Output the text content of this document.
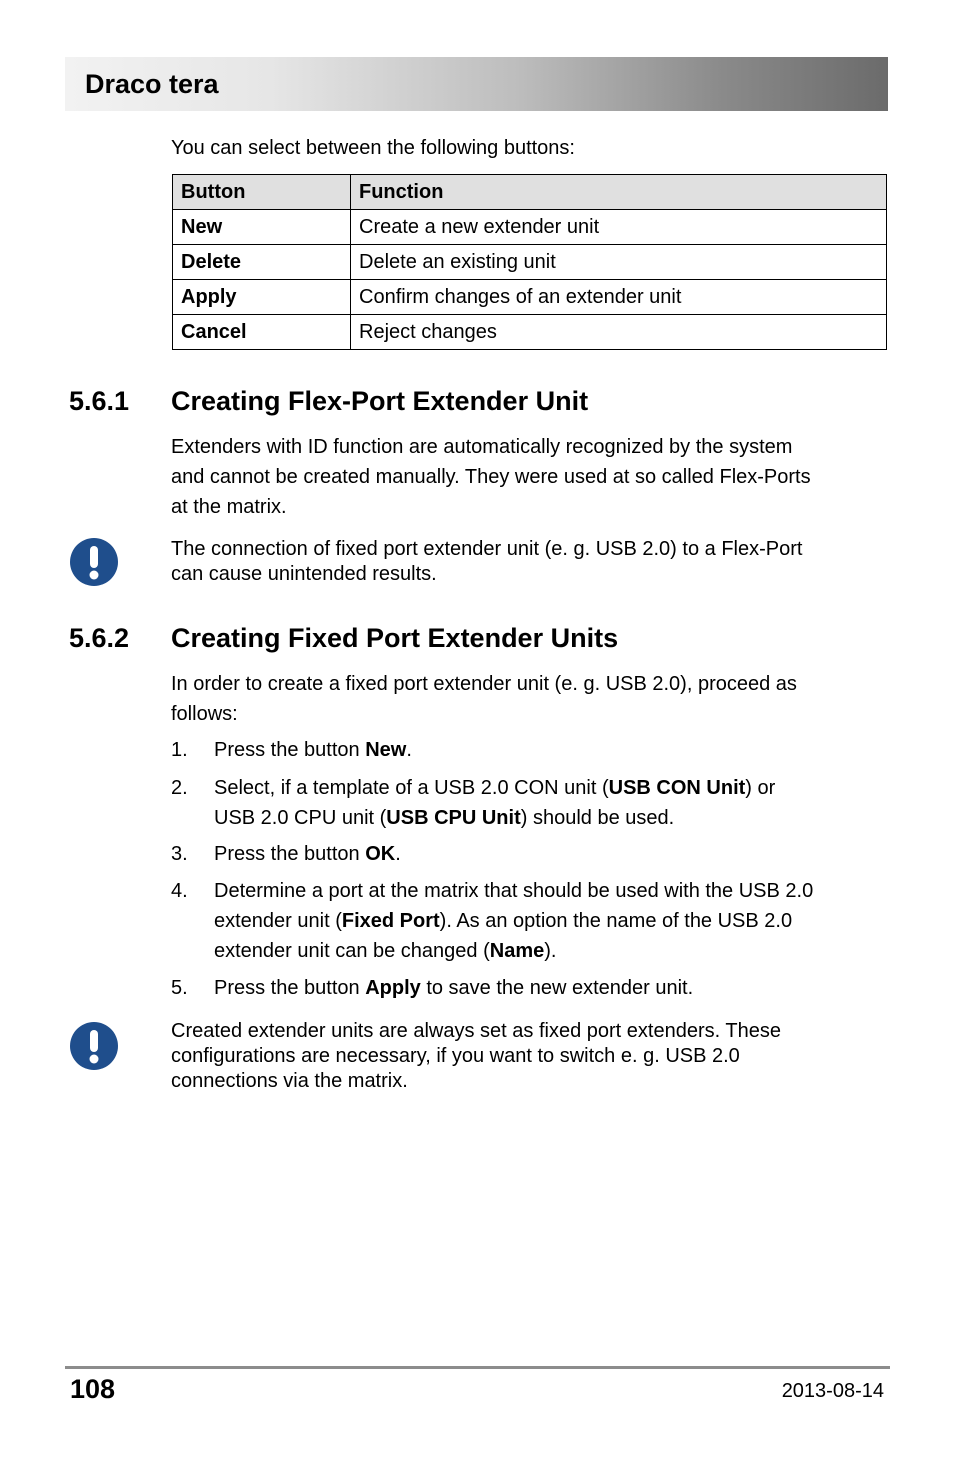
Draco tera
You can select between the following buttons:
Button	Function
New	Create a new extender unit
Delete	Delete an existing unit
Apply	Confirm changes of an extender unit
Cancel	Reject changes
5.6.1 Creating Flex-Port Extender Unit
Extenders with ID function are automatically recognized by the system
and cannot be created manually. They were used at so called Flex-Ports
at the matrix.
The connection of fixed port extender unit (e. g. USB 2.0) to a Flex-Port
can cause unintended results.
5.6.2 Creating Fixed Port Extender Units
In order to create a fixed port extender unit (e. g. USB 2.0), proceed as
follows:
1. Press the button New.
2. Select, if a template of a USB 2.0 CON unit (USB CON Unit) or
USB 2.0 CPU unit (USB CPU Unit) should be used.
3. Press the button OK.
4. Determine a port at the matrix that should be used with the USB 2.0
extender unit (Fixed Port). As an option the name of the USB 2.0
extender unit can be changed (Name).
5. Press the button Apply to save the new extender unit.
Created extender units are always set as fixed port extenders. These
configurations are necessary, if you want to switch e. g. USB 2.0
connections via the matrix.
108	2013-08-14
